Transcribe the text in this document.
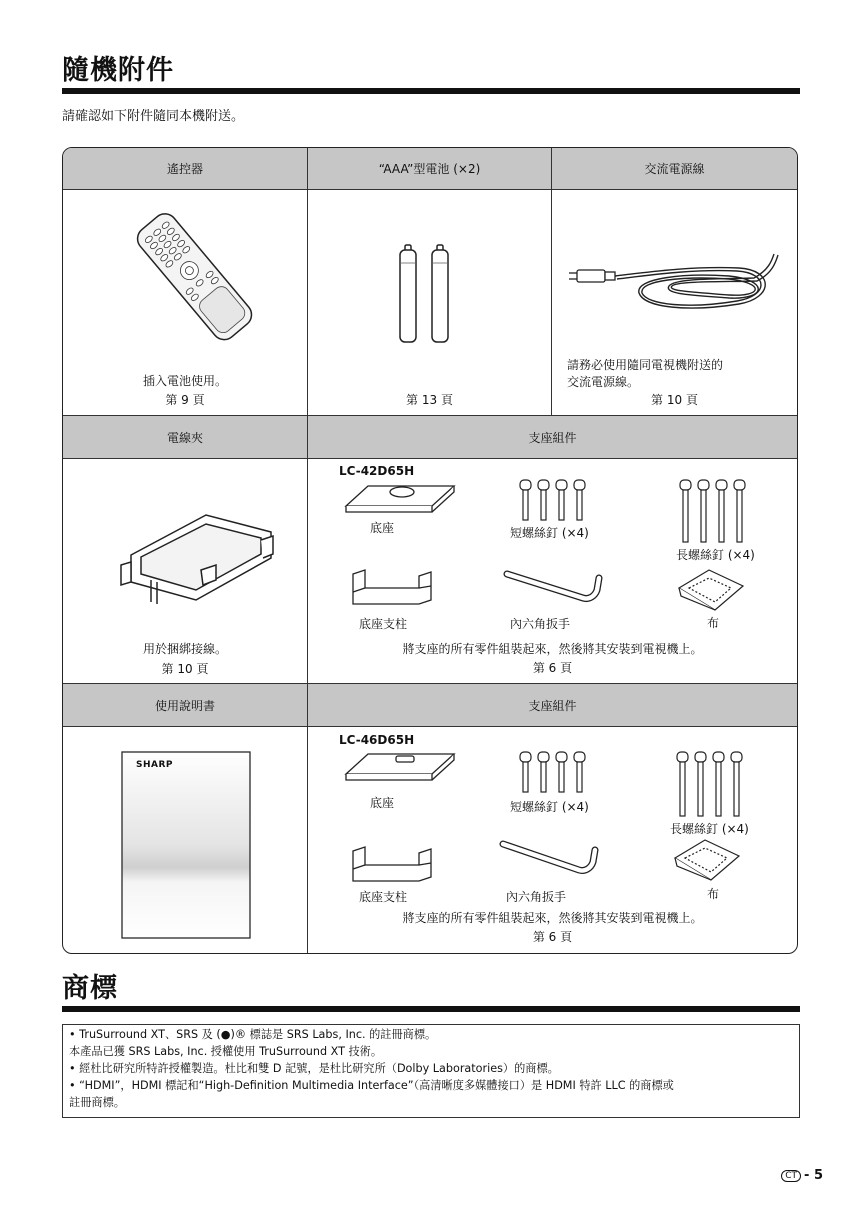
隨機附件
請確認如下附件隨同本機附送。
遙控器	“AAA”型電池 (×2)	交流電源線
電線夾	支座組件
使用說明書	支座組件
插入電池使用。
第 9 頁	第 13 頁
請務必使用隨同電視機附送的
交流電源線。
第 10 頁
用於捆綁接線。
第 10 頁
LC-42D65H
底座	短螺絲釘 (×4)
長螺絲釘 (×4)
底座支柱	內六角扳手	布
將支座的所有零件組裝起來，然後將其安裝到電視機上。
第 6 頁
SHARP
LC-46D65H
底座	短螺絲釘 (×4)
長螺絲釘 (×4)
底座支柱	內六角扳手	布
將支座的所有零件組裝起來，然後將其安裝到電視機上。
第 6 頁
商標
• TruSurround XT、SRS 及 (●)® 標誌是 SRS Labs, Inc. 的註冊商標。
本產品已獲 SRS Labs, Inc. 授權使用 TruSurround XT 技術。
• 經杜比研究所特許授權製造。杜比和雙 D 記號，是杜比研究所（Dolby Laboratories）的商標。
• “HDMI”，HDMI 標記和“High-Definition Multimedia Interface”（高清晰度多媒體接口）是 HDMI 特許 LLC 的商標或
註冊商標。
CT - 5
